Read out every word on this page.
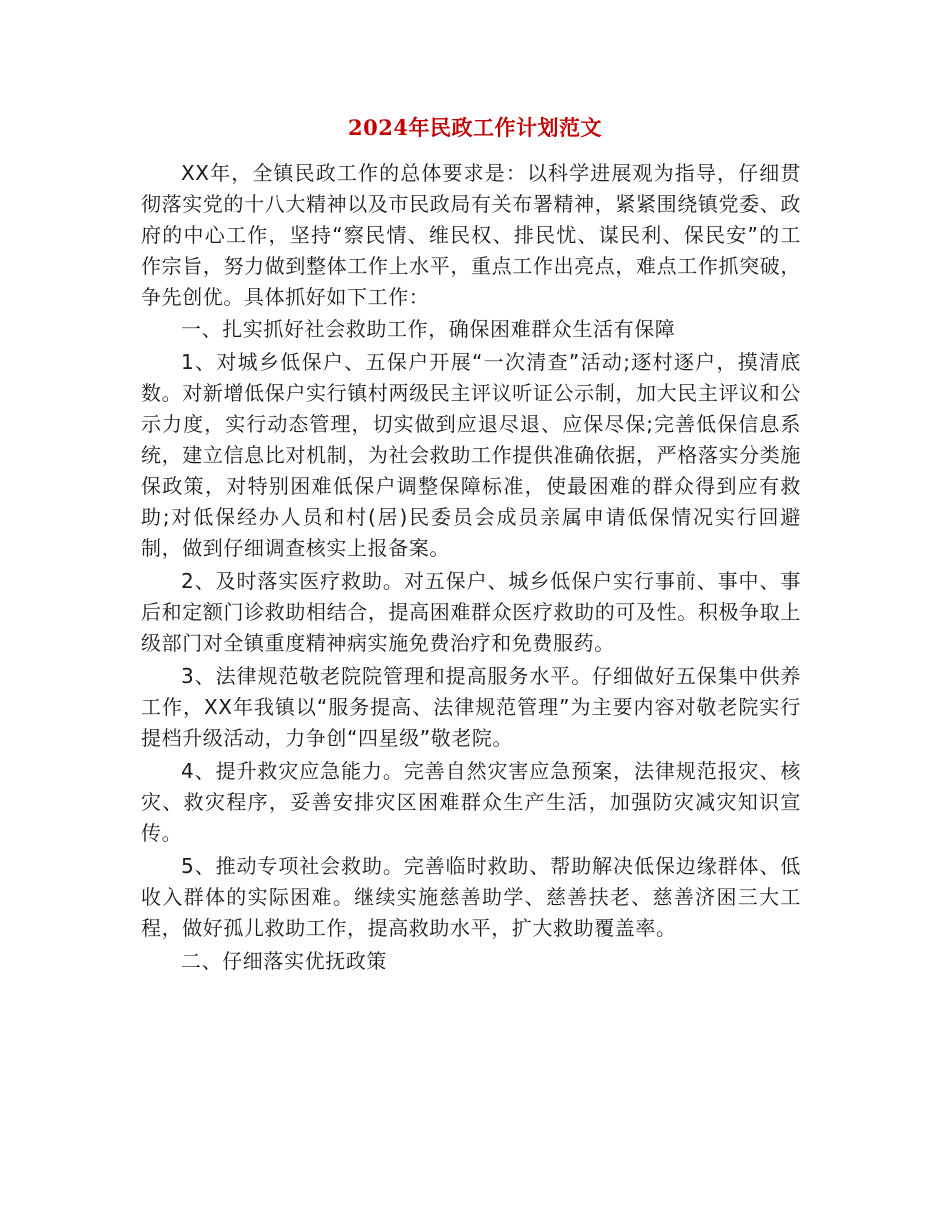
2024年民政工作计划范文

XX年，全镇民政工作的总体要求是：以科学进展观为指导，仔细贯彻落实党的十八大精神以及市民政局有关布署精神，紧紧围绕镇党委、政府的中心工作，坚持“察民情、维民权、排民忧、谋民利、保民安”的工作宗旨，努力做到整体工作上水平，重点工作出亮点，难点工作抓突破，争先创优。具体抓好如下工作：

一、扎实抓好社会救助工作，确保困难群众生活有保障

1、对城乡低保户、五保户开展“一次清查”活动;逐村逐户，摸清底数。对新增低保户实行镇村两级民主评议听证公示制，加大民主评议和公示力度，实行动态管理，切实做到应退尽退、应保尽保;完善低保信息系统，建立信息比对机制，为社会救助工作提供准确依据，严格落实分类施保政策，对特别困难低保户调整保障标准，使最困难的群众得到应有救助;对低保经办人员和村(居)民委员会成员亲属申请低保情况实行回避制，做到仔细调查核实上报备案。

2、及时落实医疗救助。对五保户、城乡低保户实行事前、事中、事后和定额门诊救助相结合，提高困难群众医疗救助的可及性。积极争取上级部门对全镇重度精神病实施免费治疗和免费服药。

3、法律规范敬老院院管理和提高服务水平。仔细做好五保集中供养工作，XX年我镇以“服务提高、法律规范管理”为主要内容对敬老院实行提档升级活动，力争创“四星级”敬老院。

4、提升救灾应急能力。完善自然灾害应急预案，法律规范报灾、核灾、救灾程序，妥善安排灾区困难群众生产生活，加强防灾减灾知识宣传。

5、推动专项社会救助。完善临时救助、帮助解决低保边缘群体、低收入群体的实际困难。继续实施慈善助学、慈善扶老、慈善济困三大工程，做好孤儿救助工作，提高救助水平，扩大救助覆盖率。

二、仔细落实优抚政策
